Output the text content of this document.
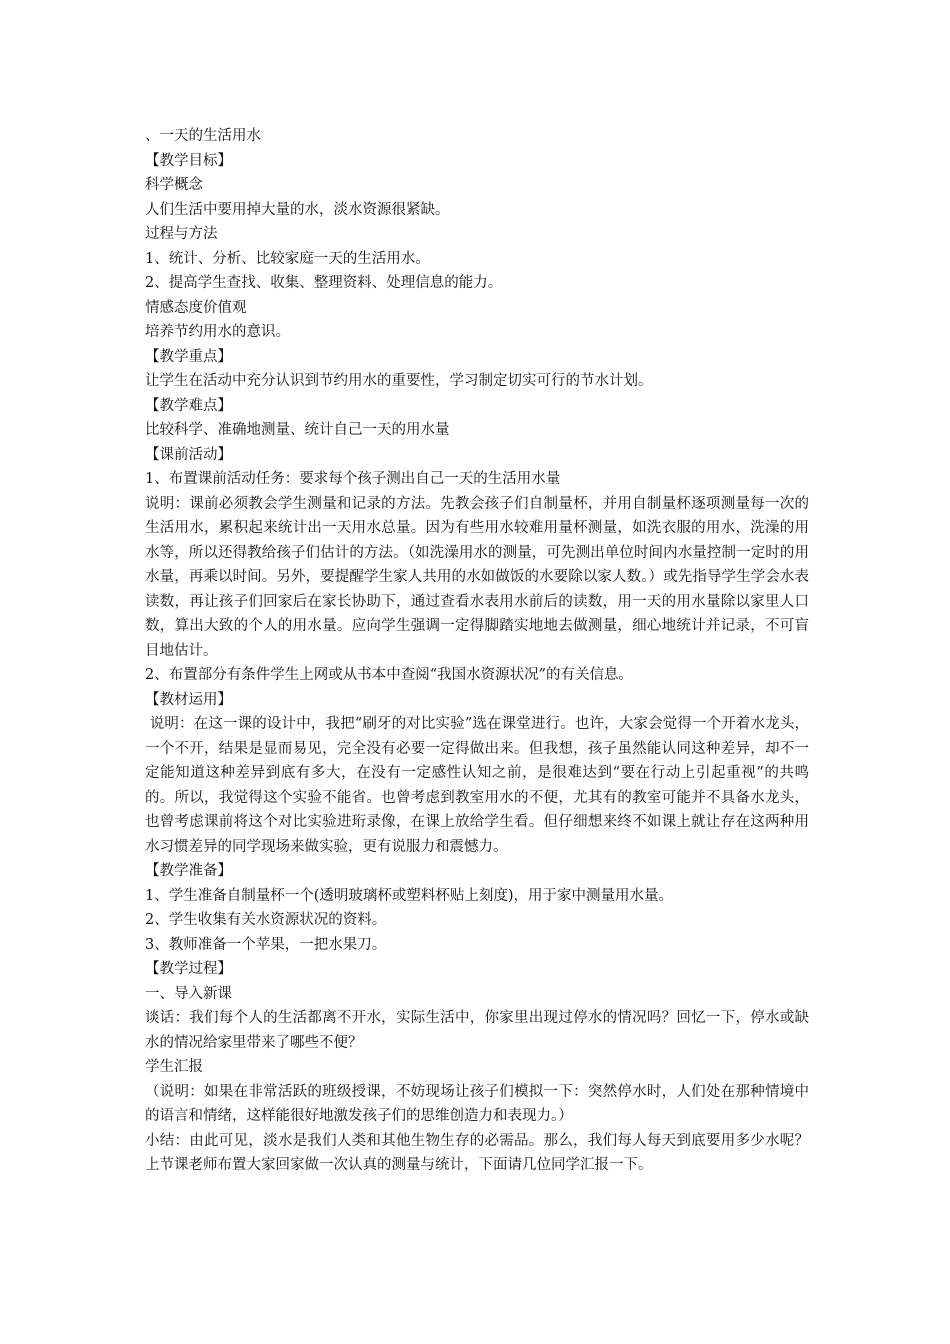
、一天的生活用水
【教学目标】
科学概念
人们生活中要用掉大量的水，淡水资源很紧缺。
过程与方法
1、统计、分析、比较家庭一天的生活用水。
2、提高学生查找、收集、整理资料、处理信息的能力。
情感态度价值观
培养节约用水的意识。
【教学重点】
让学生在活动中充分认识到节约用水的重要性，学习制定切实可行的节水计划。
【教学难点】
比较科学、准确地测量、统计自己一天的用水量
【课前活动】
1、布置课前活动任务：要求每个孩子测出自己一天的生活用水量
说明：课前必须教会学生测量和记录的方法。先教会孩子们自制量杯，并用自制量杯逐项测量每一次的生活用水，累积起来统计出一天用水总量。因为有些用水较难用量杯测量，如洗衣服的用水，洗澡的用水等，所以还得教给孩子们估计的方法。（如洗澡用水的测量，可先测出单位时间内水量控制一定时的用水量，再乘以时间。另外，要提醒学生家人共用的水如做饭的水要除以家人数。）或先指导学生学会水表读数，再让孩子们回家后在家长协助下，通过查看水表用水前后的读数，用一天的用水量除以家里人口数，算出大致的个人的用水量。应向学生强调一定得脚踏实地地去做测量，细心地统计并记录，不可盲目地估计。
2、布置部分有条件学生上网或从书本中查阅“我国水资源状况”的有关信息。
【教材运用】
说明：在这一课的设计中，我把“刷牙的对比实验”选在课堂进行。也许，大家会觉得一个开着水龙头，一个不开，结果是显而易见，完全没有必要一定得做出来。但我想，孩子虽然能认同这种差异，却不一定能知道这种差异到底有多大，在没有一定感性认知之前，是很难达到“要在行动上引起重视”的共鸣的。所以，我觉得这个实验不能省。也曾考虑到教室用水的不便，尤其有的教室可能并不具备水龙头，也曾考虑课前将这个对比实验进珩录像，在课上放给学生看。但仔细想来终不如课上就让存在这两种用水习惯差异的同学现场来做实验，更有说服力和震憾力。
【教学准备】
1、学生准备自制量杯一个(透明玻璃杯或塑料杯贴上刻度)，用于家中测量用水量。
2、学生收集有关水资源状况的资料。
3、教师准备一个苹果，一把水果刀。
【教学过程】
一、导入新课
谈话：我们每个人的生活都离不开水，实际生活中，你家里出现过停水的情况吗？回忆一下，停水或缺水的情况给家里带来了哪些不便？
学生汇报
（说明：如果在非常活跃的班级授课，不妨现场让孩子们模拟一下：突然停水时，人们处在那种情境中的语言和情绪，这样能很好地激发孩子们的思维创造力和表现力。）
小结：由此可见，淡水是我们人类和其他生物生存的必需品。那么，我们每人每天到底要用多少水呢？上节课老师布置大家回家做一次认真的测量与统计，下面请几位同学汇报一下。
